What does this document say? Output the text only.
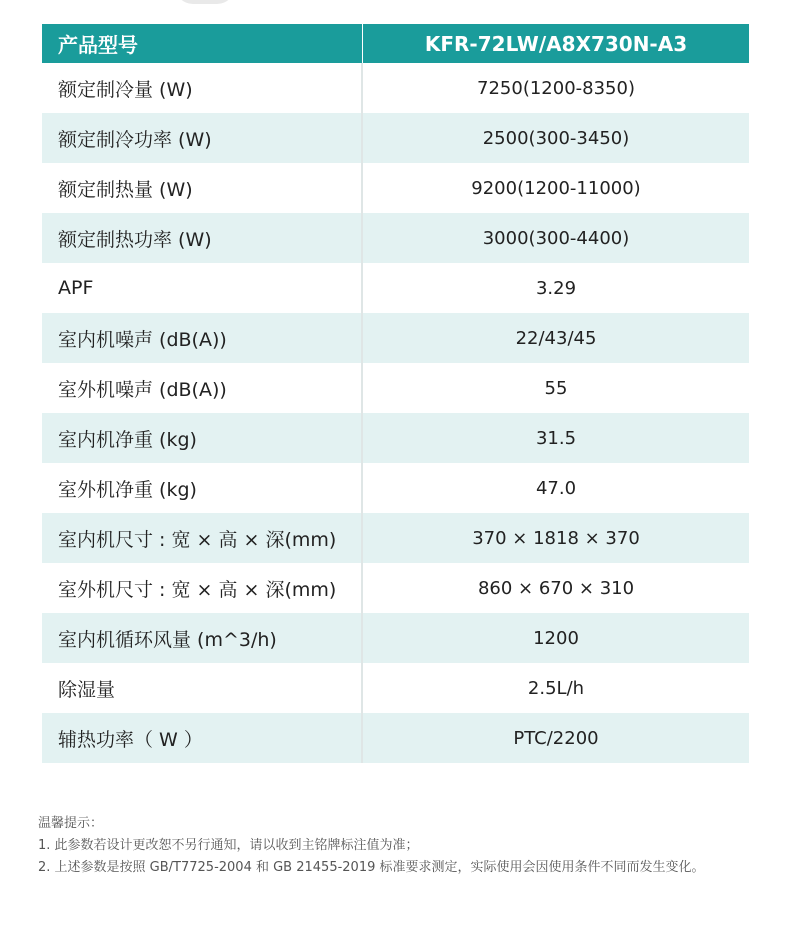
产品型号	KFR-72LW/A8X730N-A3
额定制冷量 (W)	7250(1200-8350)
额定制冷功率 (W)	2500(300-3450)
额定制热量 (W)	9200(1200-11000)
额定制热功率 (W)	3000(300-4400)
APF	3.29
室内机噪声 (dB(A))	22/43/45
室外机噪声 (dB(A))	55
室内机净重 (kg)	31.5
室外机净重 (kg)	47.0
室内机尺寸 : 宽 × 高 × 深(mm)	370 × 1818 × 370
室外机尺寸 : 宽 × 高 × 深(mm)	860 × 670 × 310
室内机循环风量 (m^3/h)	1200
除湿量	2.5L/h
辅热功率（ W ）	PTC/2200
温馨提示：
1. 此参数若设计更改恕不另行通知，请以收到主铭牌标注值为准；
2. 上述参数是按照 GB/T7725-2004 和 GB 21455-2019 标准要求测定，实际使用会因使用条件不同而发生变化。
